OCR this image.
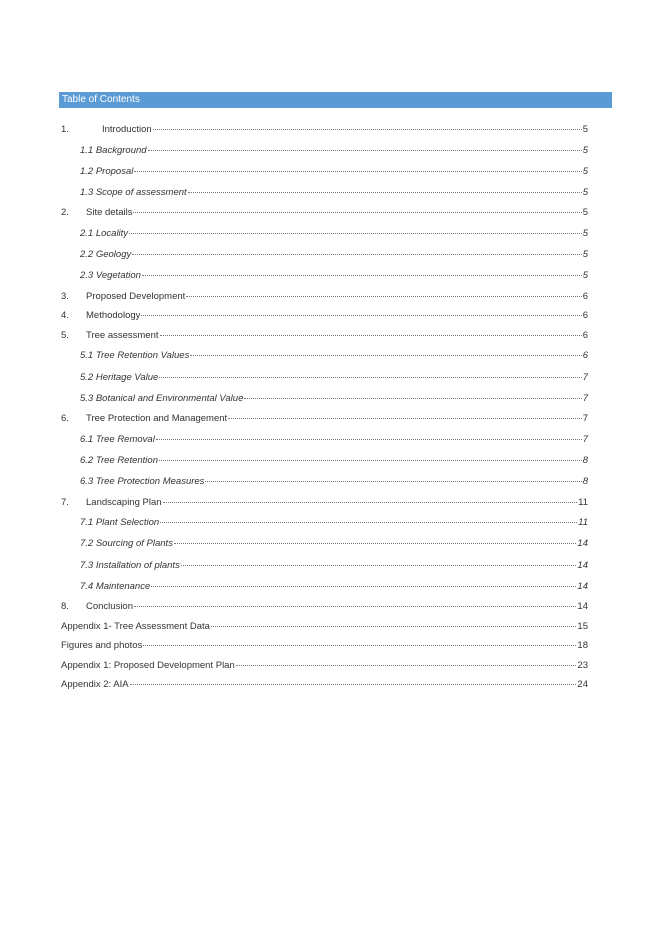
Table of Contents
1.	Introduction	5
1.1 Background	5
1.2 Proposal	5
1.3 Scope of assessment	5
2.	Site details	5
2.1 Locality	5
2.2 Geology	5
2.3 Vegetation	5
3.	Proposed Development	6
4.	Methodology	6
5.	Tree assessment	6
5.1 Tree Retention Values	6
5.2 Heritage Value	7
5.3 Botanical and Environmental Value	7
6.	Tree Protection and Management	7
6.1 Tree Removal	7
6.2 Tree Retention	8
6.3 Tree Protection Measures	8
7.	Landscaping Plan	11
7.1 Plant Selection	11
7.2 Sourcing of Plants	14
7.3 Installation of plants	14
7.4 Maintenance	14
8.	Conclusion	14
Appendix 1- Tree Assessment Data	15
Figures and photos	18
Appendix 1: Proposed Development Plan	23
Appendix 2: AIA	24
